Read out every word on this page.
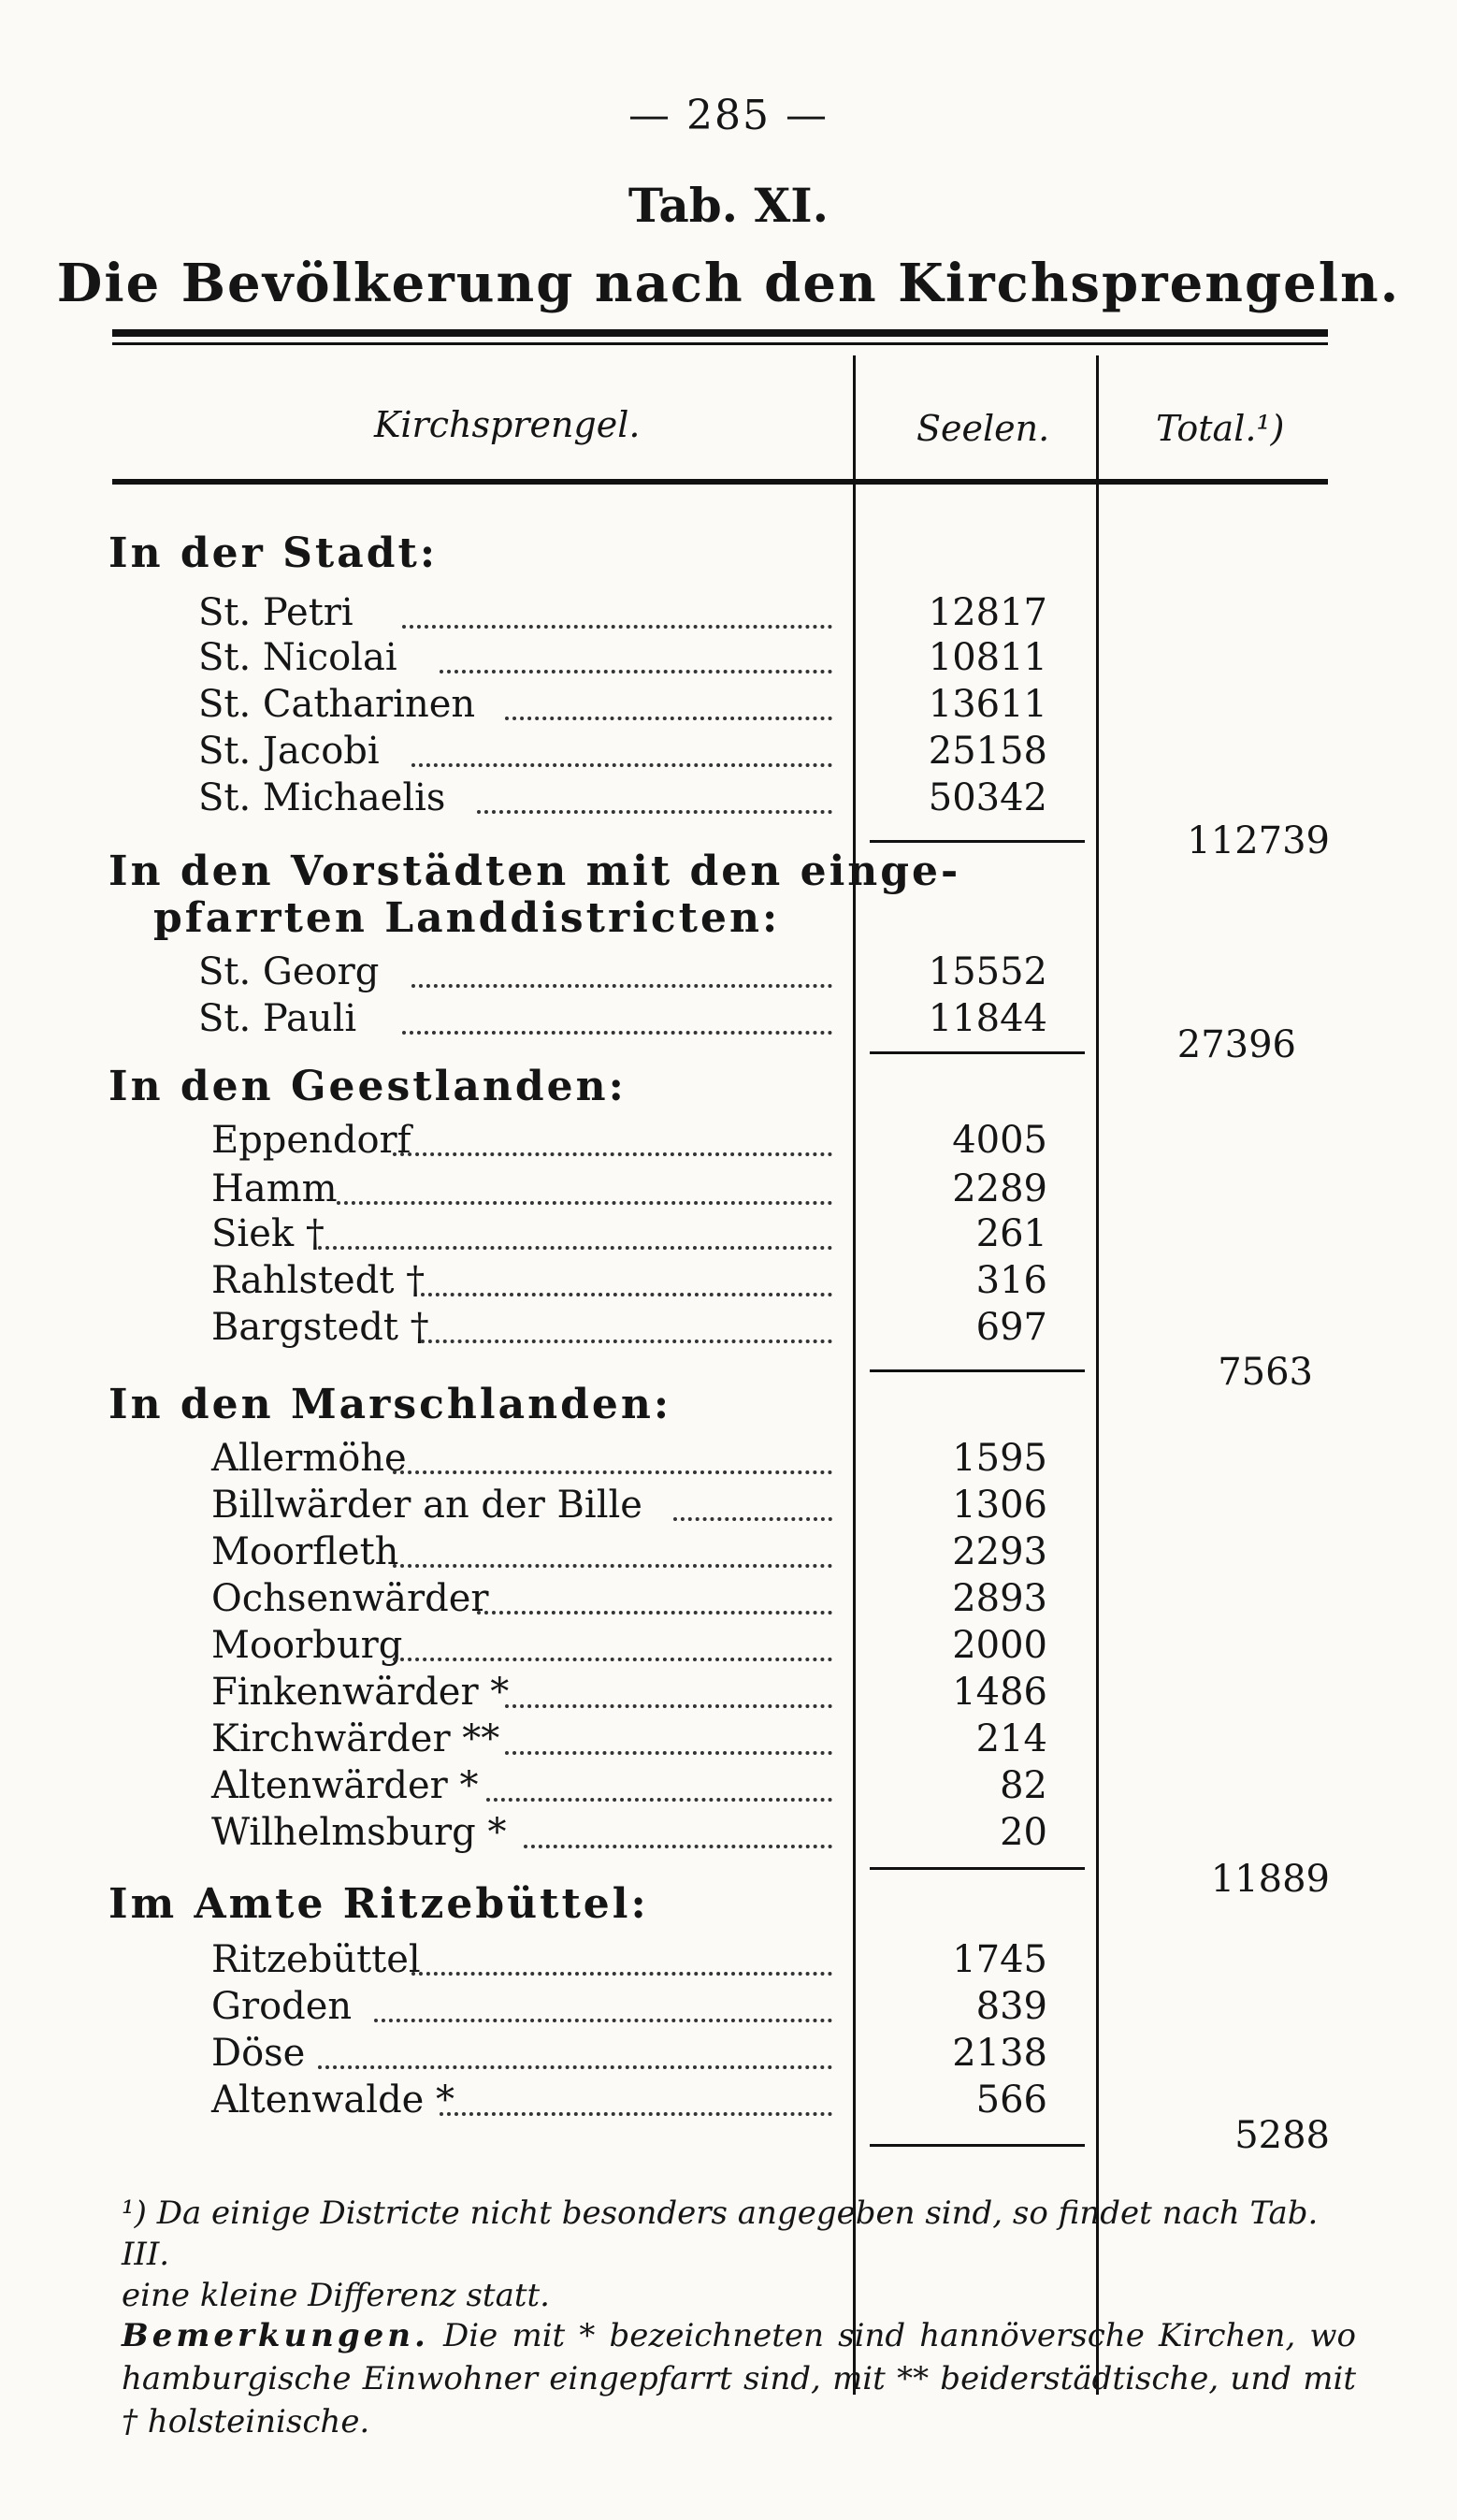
— 285 —
Tab. XI.
Die Bevölkerung nach den Kirchsprengeln.
Kirchsprengel.	Seelen.	Total.¹)
In der Stadt:
St. Petri	12817
St. Nicolai	10811
St. Catharinen	13611
St. Jacobi	25158
St. Michaelis	50342
112739
In den Vorstädten mit den einge-
pfarrten Landdistricten:
St. Georg	15552
St. Pauli	11844
27396
In den Geestlanden:
Eppendorf	4005
Hamm	2289
Siek †	261
Rahlstedt †	316
Bargstedt †	697
7563
In den Marschlanden:
Allermöhe	1595
Billwärder an der Bille	1306
Moorfleth	2293
Ochsenwärder	2893
Moorburg	2000
Finkenwärder *	1486
Kirchwärder **	214
Altenwärder *	82
Wilhelmsburg *	20
11889
Im Amte Ritzebüttel:
Ritzebüttel	1745
Groden	839
Döse	2138
Altenwalde *	566
5288
¹) Da einige Districte nicht besonders angegeben sind, so findet nach Tab. III.
eine kleine Differenz statt.
Bemerkungen. Die mit * bezeichneten sind hannöversche Kirchen, wo hamburgische Einwohner eingepfarrt sind, mit ** beiderstädtische, und mit † holsteinische.
